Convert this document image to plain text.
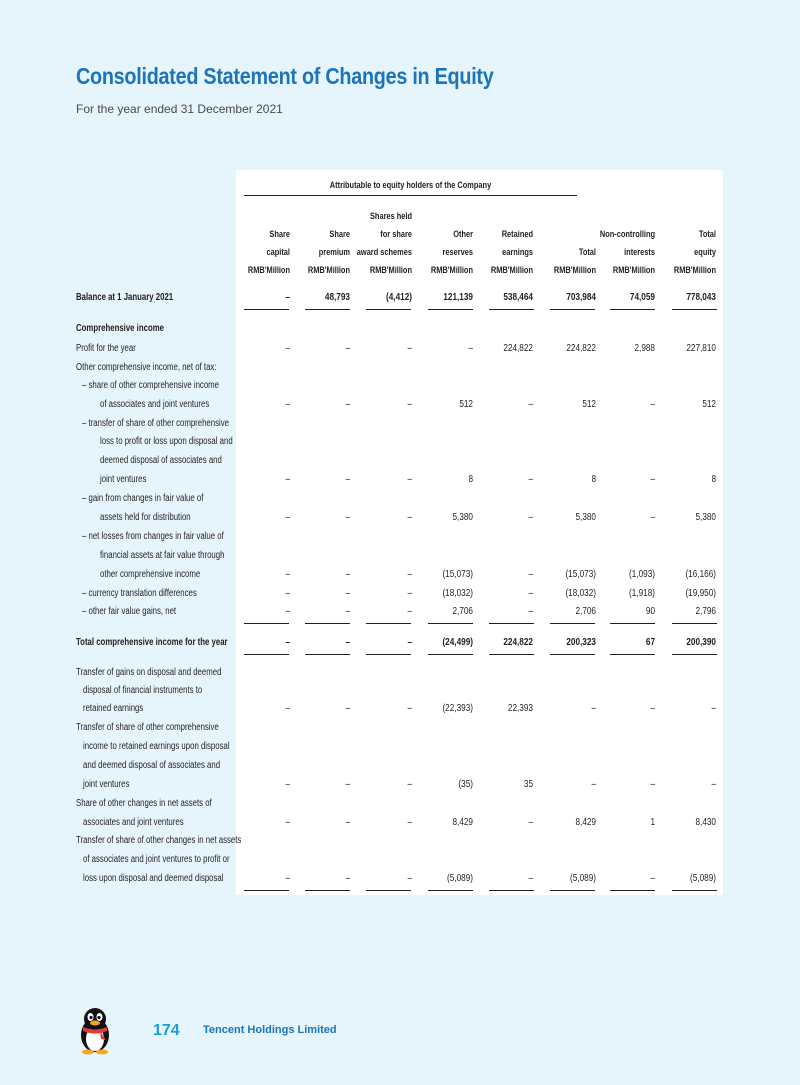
Consolidated Statement of Changes in Equity
For the year ended 31 December 2021
Attributable to equity holders of the Company
Share
capital
RMB'Million
Share
premium
RMB'Million
Shares held
for share
award schemes
RMB'Million
Other
reserves
RMB'Million
Retained
earnings
RMB'Million
Total
RMB'Million
Non-controlling
interests
RMB'Million
Total
equity
RMB'Million
Balance at 1 January 2021	–	48,793	(4,412)	121,139	538,464	703,984	74,059	778,043
Comprehensive income
Profit for the year	–	–	–	–	224,822	224,822	2,988	227,810
Other comprehensive income, net of tax:
– share of other comprehensive income
of associates and joint ventures	–	–	–	512	–	512	–	512
– transfer of share of other comprehensive
loss to profit or loss upon disposal and
deemed disposal of associates and
joint ventures	–	–	–	8	–	8	–	8
– gain from changes in fair value of
assets held for distribution	–	–	–	5,380	–	5,380	–	5,380
– net losses from changes in fair value of
financial assets at fair value through
other comprehensive income	–	–	–	(15,073)	–	(15,073)	(1,093)	(16,166)
– currency translation differences	–	–	–	(18,032)	–	(18,032)	(1,918)	(19,950)
– other fair value gains, net	–	–	–	2,706	–	2,706	90	2,796
Total comprehensive income for the year	–	–	–	(24,499)	224,822	200,323	67	200,390
Transfer of gains on disposal and deemed
disposal of financial instruments to
retained earnings	–	–	–	(22,393)	22,393	–	–	–
Transfer of share of other comprehensive
income to retained earnings upon disposal
and deemed disposal of associates and
joint ventures	–	–	–	(35)	35	–	–	–
Share of other changes in net assets of
associates and joint ventures	–	–	–	8,429	–	8,429	1	8,430
Transfer of share of other changes in net assets
of associates and joint ventures to profit or
loss upon disposal and deemed disposal	–	–	–	(5,089)	–	(5,089)	–	(5,089)
174 Tencent Holdings Limited
